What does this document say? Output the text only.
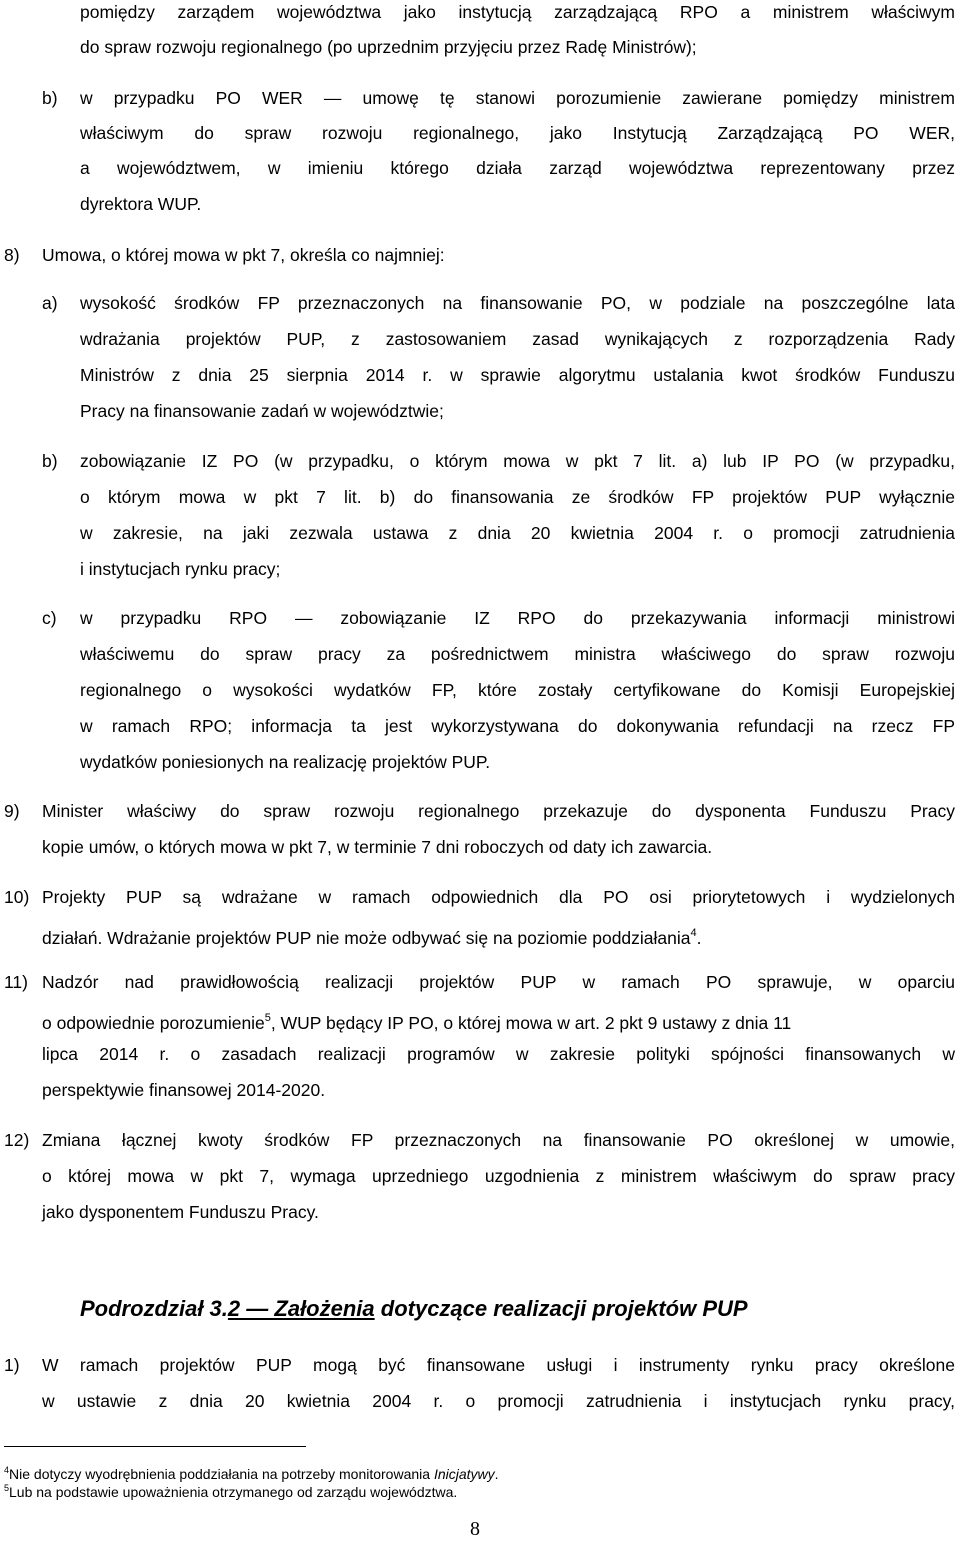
pomiędzy zarządem województwa jako instytucją zarządzającą RPO a ministrem właściwym
do spraw rozwoju regionalnego (po uprzednim przyjęciu przez Radę Ministrów);
b) w przypadku PO WER — umowę tę stanowi porozumienie zawierane pomiędzy ministrem
właściwym do spraw rozwoju regionalnego, jako Instytucją Zarządzającą PO WER,
a województwem, w imieniu którego działa zarząd województwa reprezentowany przez
dyrektora WUP.
8) Umowa, o której mowa w pkt 7, określa co najmniej:
a) wysokość środków FP przeznaczonych na finansowanie PO, w podziale na poszczególne lata
wdrażania projektów PUP, z zastosowaniem zasad wynikających z rozporządzenia Rady
Ministrów z dnia 25 sierpnia 2014 r. w sprawie algorytmu ustalania kwot środków Funduszu
Pracy na finansowanie zadań w województwie;
b) zobowiązanie IZ PO (w przypadku, o którym mowa w pkt 7 lit. a) lub IP PO (w przypadku,
o którym mowa w pkt 7 lit. b) do finansowania ze środków FP projektów PUP wyłącznie
w zakresie, na jaki zezwala ustawa z dnia 20 kwietnia 2004 r. o promocji zatrudnienia
i instytucjach rynku pracy;
c) w przypadku RPO — zobowiązanie IZ RPO do przekazywania informacji ministrowi
właściwemu do spraw pracy za pośrednictwem ministra właściwego do spraw rozwoju
regionalnego o wysokości wydatków FP, które zostały certyfikowane do Komisji Europejskiej
w ramach RPO; informacja ta jest wykorzystywana do dokonywania refundacji na rzecz FP
wydatków poniesionych na realizację projektów PUP.
9) Minister właściwy do spraw rozwoju regionalnego przekazuje do dysponenta Funduszu Pracy
kopie umów, o których mowa w pkt 7, w terminie 7 dni roboczych od daty ich zawarcia.
10) Projekty PUP są wdrażane w ramach odpowiednich dla PO osi priorytetowych i wydzielonych
działań. Wdrażanie projektów PUP nie może odbywać się na poziomie poddziałania$^4$.
11) Nadzór nad prawidłowością realizacji projektów PUP w ramach PO sprawuje, w oparciu
o odpowiednie porozumienie$^5$, WUP będący IP PO, o której mowa w art. 2 pkt 9 ustawy z dnia 11
lipca 2014 r. o zasadach realizacji programów w zakresie polityki spójności finansowanych w
perspektywie finansowej 2014-2020.
12) Zmiana łącznej kwoty środków FP przeznaczonych na finansowanie PO określonej w umowie,
o której mowa w pkt 7, wymaga uprzedniego uzgodnienia z ministrem właściwym do spraw pracy
jako dysponentem Funduszu Pracy.
Podrozdział 3.2 — Założenia dotyczące realizacji projektów PUP
1) W ramach projektów PUP mogą być finansowane usługi i instrumenty rynku pracy określone
w ustawie z dnia 20 kwietnia 2004 r. o promocji zatrudnienia i instytucjach rynku pracy,
$^4$Nie dotyczy wyodrębnienia poddziałania na potrzeby monitorowania Inicjatywy.
$^5$Lub na podstawie upoważnienia otrzymanego od zarządu województwa.
8
